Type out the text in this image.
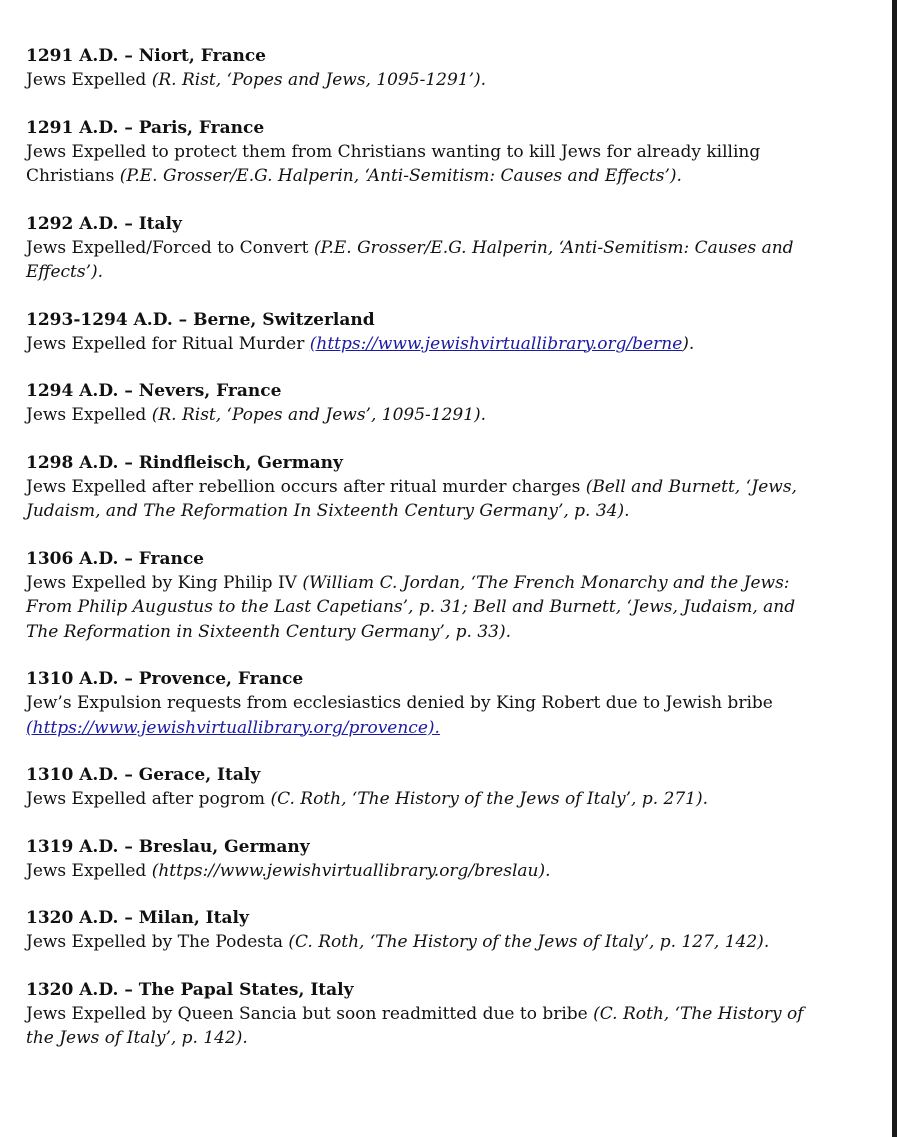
1291 A.D. – Niort, France

Jews Expelled (R. Rist, ‘Popes and Jews, 1095-1291’).

1291 A.D. – Paris, France

Jews Expelled to protect them from Christians wanting to kill Jews for already killing Christians (P.E. Grosser/E.G. Halperin, ‘Anti-Semitism: Causes and Effects’).

1292 A.D. – Italy

Jews Expelled/Forced to Convert (P.E. Grosser/E.G. Halperin, ‘Anti-Semitism: Causes and Effects’).

1293-1294 A.D. – Berne, Switzerland

Jews Expelled for Ritual Murder (https://www.jewishvirtuallibrary.org/berne).

1294 A.D. – Nevers, France

Jews Expelled (R. Rist, ‘Popes and Jews’, 1095-1291).

1298 A.D. – Rindfleisch, Germany

Jews Expelled after rebellion occurs after ritual murder charges (Bell and Burnett, ‘Jews, Judaism, and The Reformation In Sixteenth Century Germany’, p. 34).

1306 A.D. – France

Jews Expelled by King Philip IV (William C. Jordan, ‘The French Monarchy and the Jews: From Philip Augustus to the Last Capetians’, p. 31; Bell and Burnett, ‘Jews, Judaism, and The Reformation in Sixteenth Century Germany’, p. 33).

1310 A.D. – Provence, France

Jew’s Expulsion requests from ecclesiastics denied by King Robert due to Jewish bribe (https://www.jewishvirtuallibrary.org/provence).

1310 A.D. – Gerace, Italy

Jews Expelled after pogrom (C. Roth, ‘The History of the Jews of Italy’, p. 271).

1319 A.D. – Breslau, Germany

Jews Expelled (https://www.jewishvirtuallibrary.org/breslau).

1320 A.D. – Milan, Italy

Jews Expelled by The Podesta (C. Roth, ‘The History of the Jews of Italy’, p. 127, 142).

1320 A.D. – The Papal States, Italy

Jews Expelled by Queen Sancia but soon readmitted due to bribe (C. Roth, ‘The History of the Jews of Italy’, p. 142).
